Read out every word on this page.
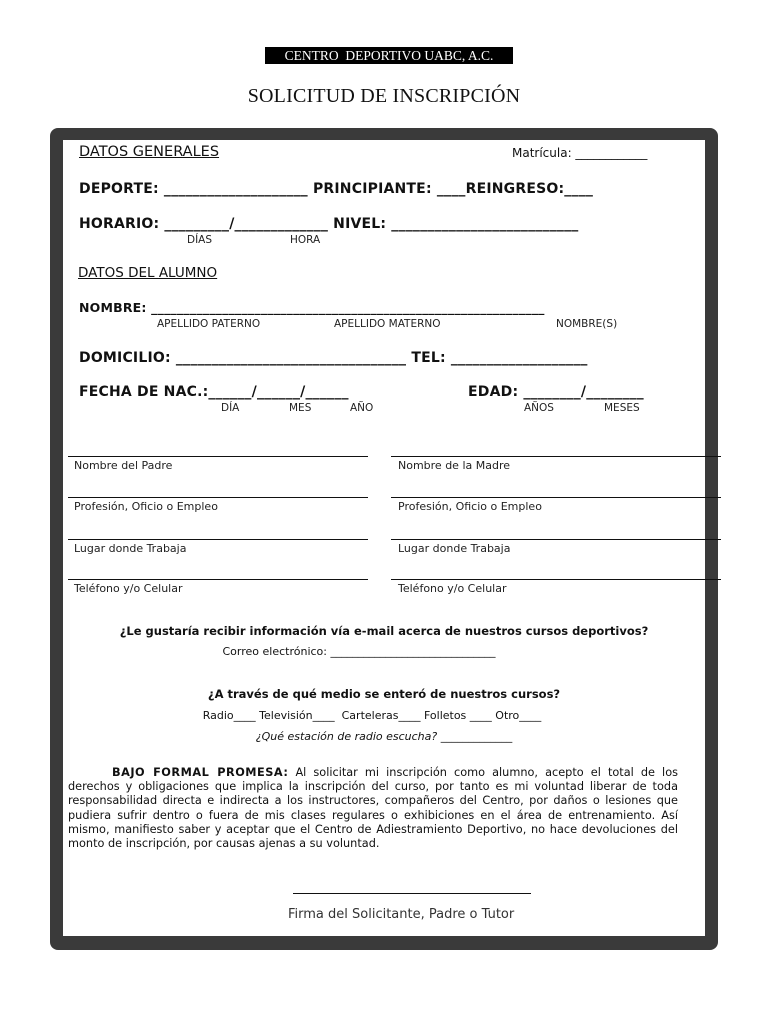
CENTRO  DEPORTIVO UABC, A.C.
SOLICITUD DE INSCRIPCIÓN
DATOS GENERALES	Matrícula: ____________
DEPORTE: ____________________ PRINCIPIANTE: ____REINGRESO:____
HORARIO: _________/_____________ NIVEL: __________________________
DÍAS	HORA
DATOS DEL ALUMNO
NOMBRE: _____________________________________________________________
APELLIDO PATERNO	APELLIDO MATERNO	NOMBRE(S)
DOMICILIO: ________________________________ TEL: ___________________
FECHA DE NAC.:______/______/______	EDAD: ________/________
DÍA	MES	AÑO	AÑOS	MESES
Nombre del Padre	Nombre de la Madre
Profesión, Oficio o Empleo	Profesión, Oficio o Empleo
Lugar donde Trabaja	Lugar donde Trabaja
Teléfono y/o Celular	Teléfono y/o Celular
¿Le gustaría recibir información vía e-mail acerca de nuestros cursos deportivos?
Correo electrónico: ______________________________
¿A través de qué medio se enteró de nuestros cursos?
Radio____ Televisión____  Carteleras____ Folletos ____ Otro____
¿Qué estación de radio escucha? _____________
BAJO FORMAL PROMESA: Al solicitar mi inscripción como alumno, acepto el total de los derechos y obligaciones que implica la inscripción del curso, por tanto es mi voluntad liberar de toda responsabilidad directa e indirecta a los instructores, compañeros del Centro, por daños o lesiones que pudiera sufrir dentro o fuera de mis clases regulares o exhibiciones en el área de entrenamiento. Así mismo, manifiesto saber y aceptar que el Centro de Adiestramiento Deportivo, no hace devoluciones del monto de inscripción, por causas ajenas a su voluntad.
Firma del Solicitante, Padre o Tutor
